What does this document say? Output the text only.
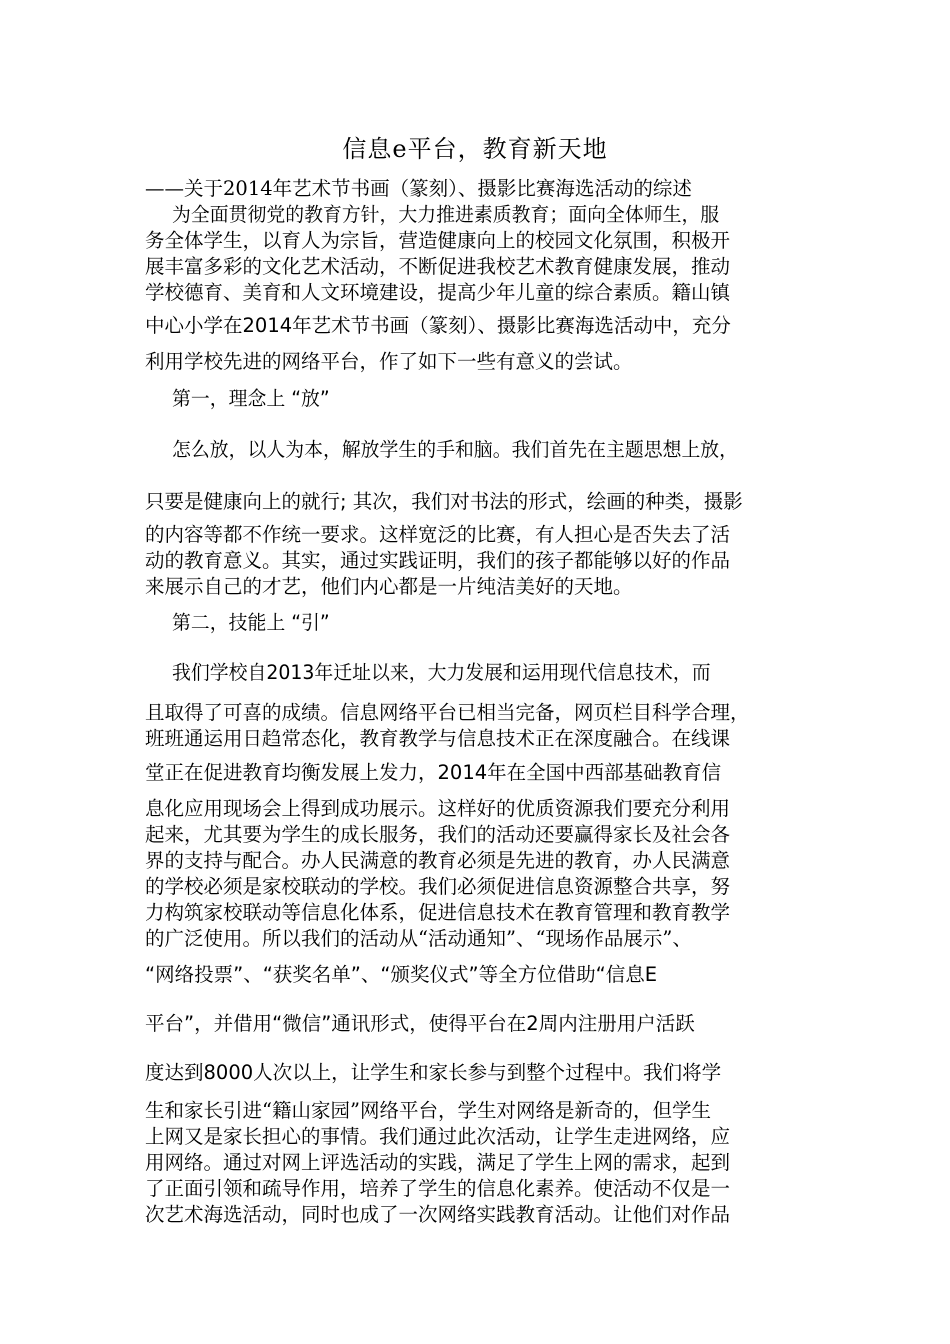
信息e平台，教育新天地
——关于2014年艺术节书画（篆刻）、摄影比赛海选活动的综述
为全面贯彻党的教育方针，大力推进素质教育；面向全体师生，服
务全体学生，以育人为宗旨，营造健康向上的校园文化氛围，积极开
展丰富多彩的文化艺术活动，不断促进我校艺术教育健康发展，推动
学校德育、美育和人文环境建设，提高少年儿童的综合素质。籍山镇
中心小学在2014年艺术节书画（篆刻）、摄影比赛海选活动中，充分
利用学校先进的网络平台，作了如下一些有意义的尝试。
第一，理念上 “放”
怎么放，以人为本，解放学生的手和脑。我们首先在主题思想上放，
只要是健康向上的就行; 其次，我们对书法的形式，绘画的种类，摄影
的内容等都不作统一要求。这样宽泛的比赛，有人担心是否失去了活
动的教育意义。其实，通过实践证明，我们的孩子都能够以好的作品
来展示自己的才艺，他们内心都是一片纯洁美好的天地。
第二，技能上 “引”
我们学校自2013年迁址以来，大力发展和运用现代信息技术，而
且取得了可喜的成绩。信息网络平台已相当完备，网页栏目科学合理，
班班通运用日趋常态化，教育教学与信息技术正在深度融合。在线课
堂正在促进教育均衡发展上发力，2014年在全国中西部基础教育信
息化应用现场会上得到成功展示。这样好的优质资源我们要充分利用
起来，尤其要为学生的成长服务，我们的活动还要赢得家长及社会各
界的支持与配合。办人民满意的教育必须是先进的教育，办人民满意
的学校必须是家校联动的学校。我们必须促进信息资源整合共享，努
力构筑家校联动等信息化体系，促进信息技术在教育管理和教育教学
的广泛使用。所以我们的活动从“活动通知”、“现场作品展示”、
“网络投票”、“获奖名单”、“颁奖仪式”等全方位借助“信息E
平台”，并借用“微信”通讯形式，使得平台在2周内注册用户活跃
度达到8000人次以上，让学生和家长参与到整个过程中。我们将学
生和家长引进“籍山家园”网络平台，学生对网络是新奇的，但学生
上网又是家长担心的事情。我们通过此次活动，让学生走进网络，应
用网络。通过对网上评选活动的实践，满足了学生上网的需求，起到
了正面引领和疏导作用，培养了学生的信息化素养。使活动不仅是一
次艺术海选活动，同时也成了一次网络实践教育活动。让他们对作品
